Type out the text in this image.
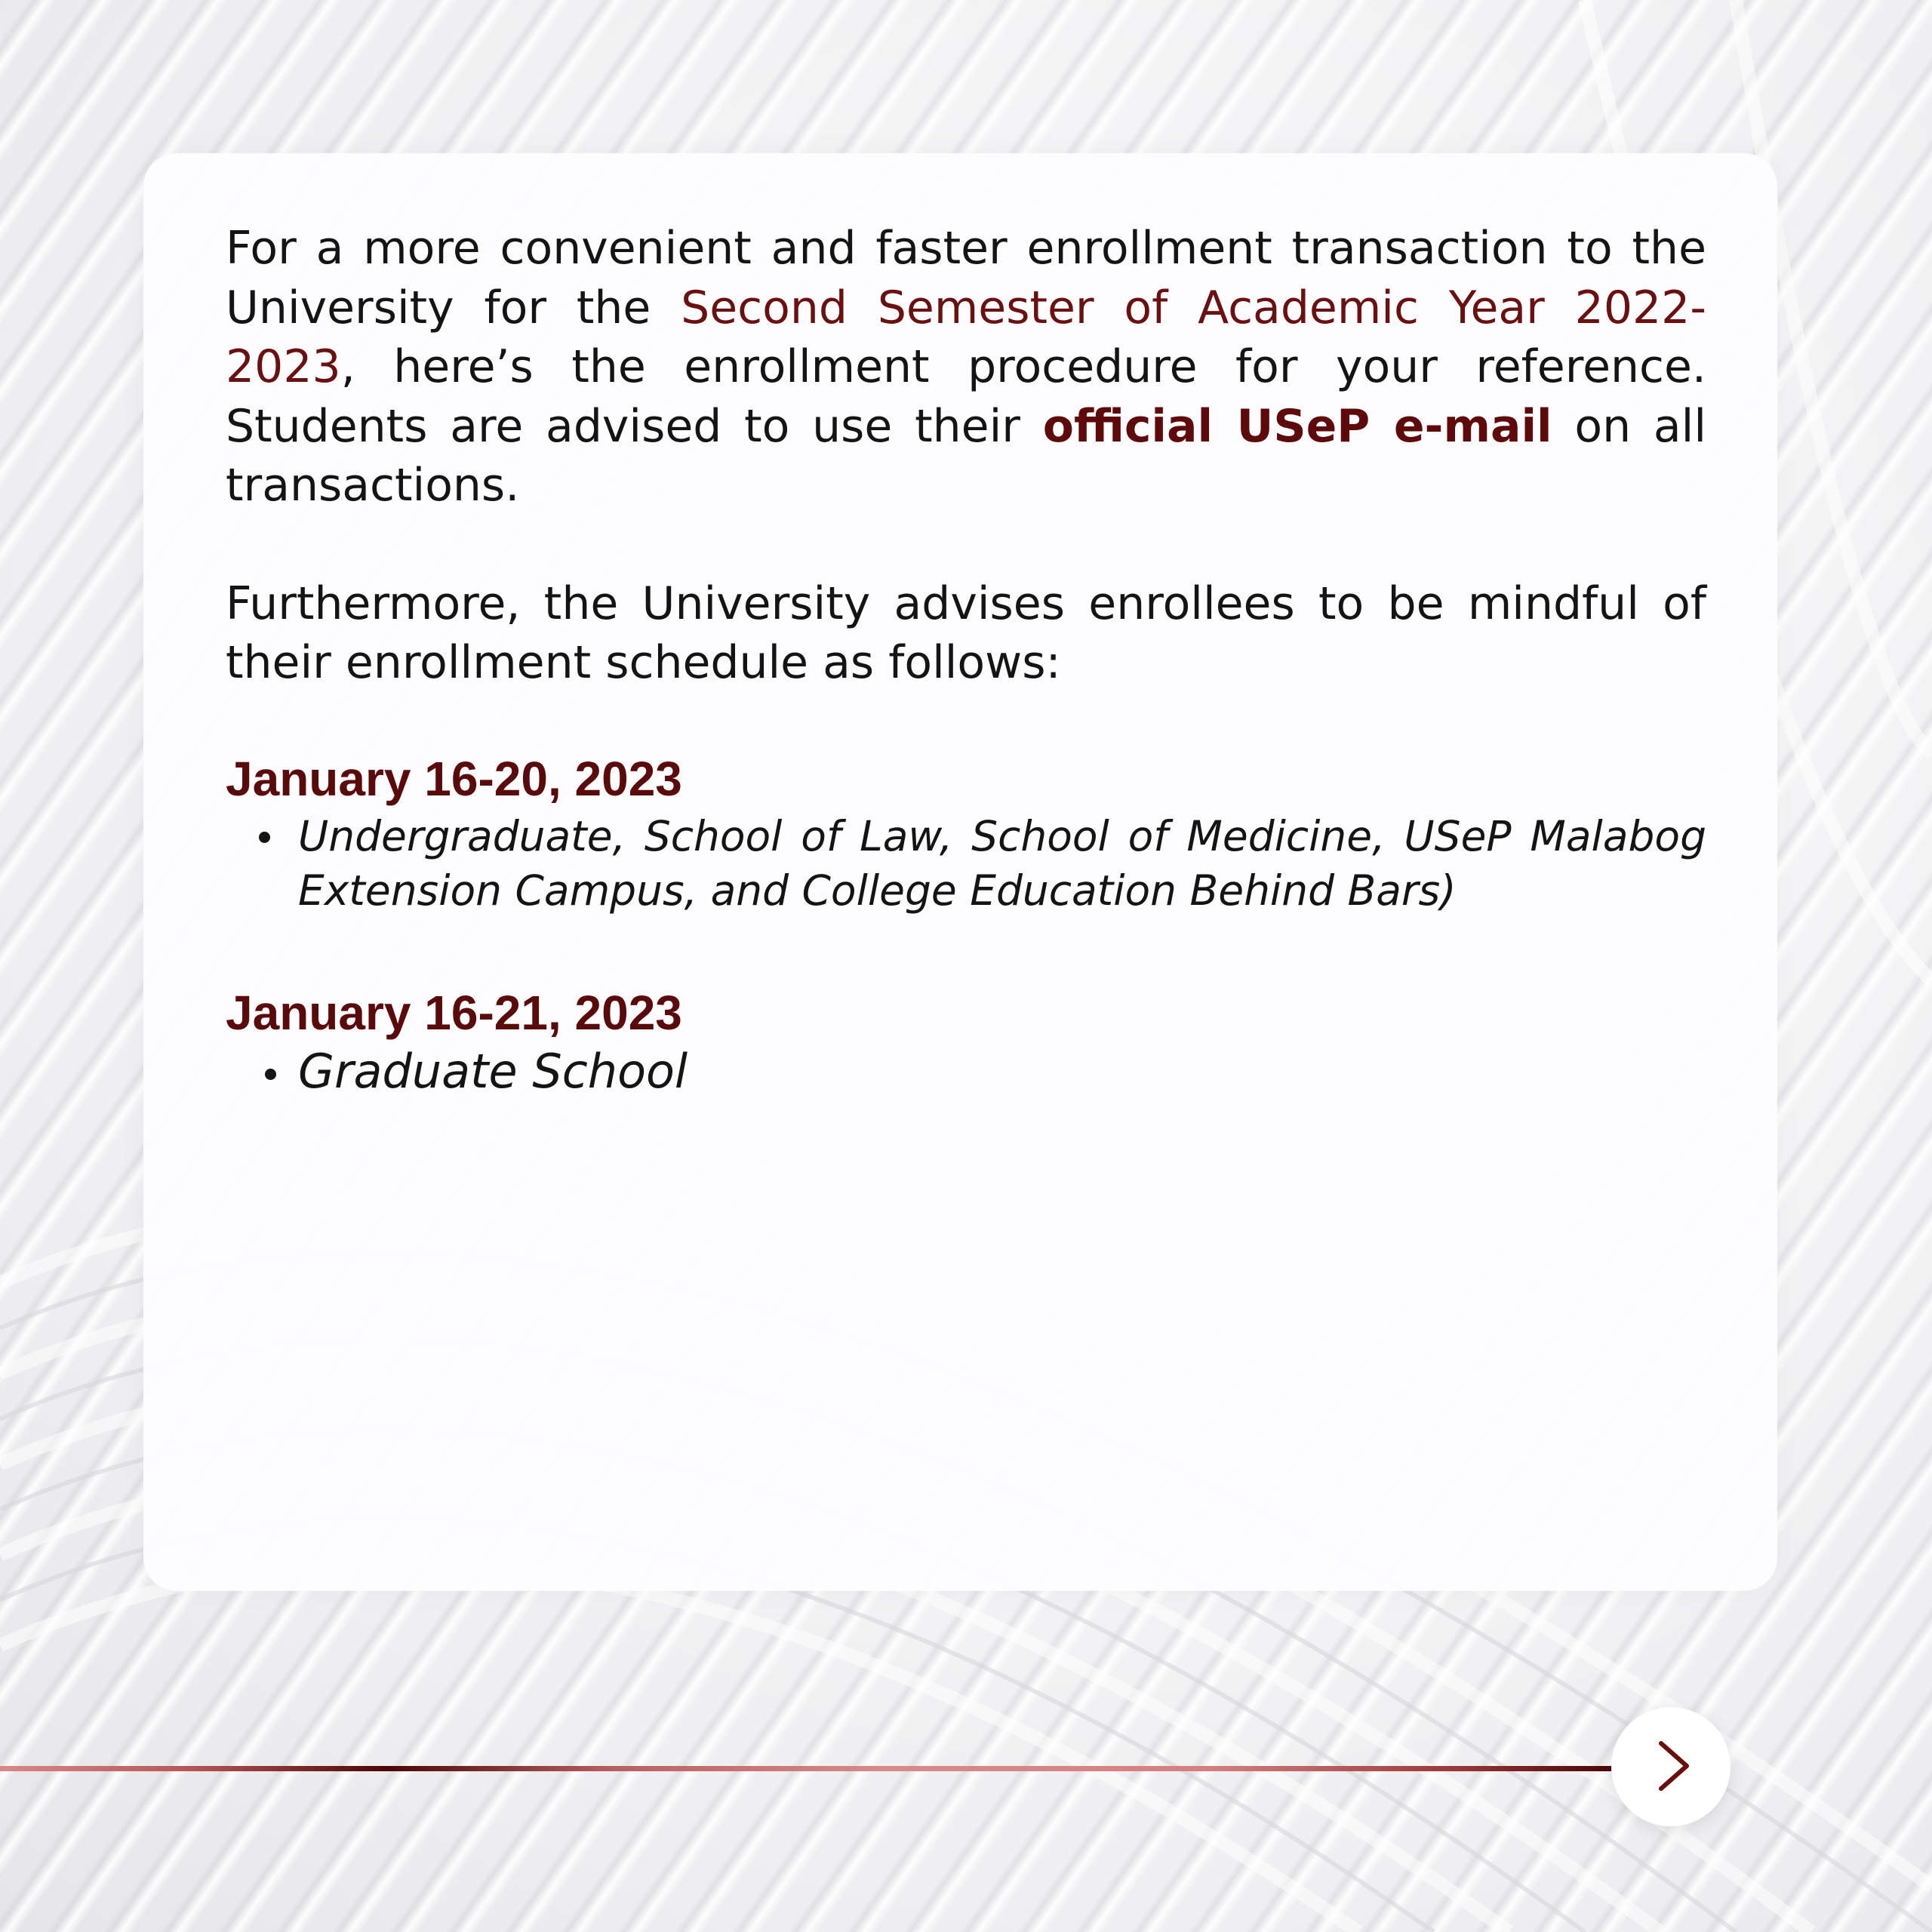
For a more convenient and faster enrollment transaction to the University for the Second Semester of Academic Year 2022-2023, here’s the enrollment procedure for your reference. Students are advised to use their official USeP e-mail on all transactions.

Furthermore, the University advises enrollees to be mindful of their enrollment schedule as follows:

January 16-20, 2023

Undergraduate, School of Law, School of Medicine, USeP Malabog Extension Campus, and College Education Behind Bars)

January 16-21, 2023

Graduate School
